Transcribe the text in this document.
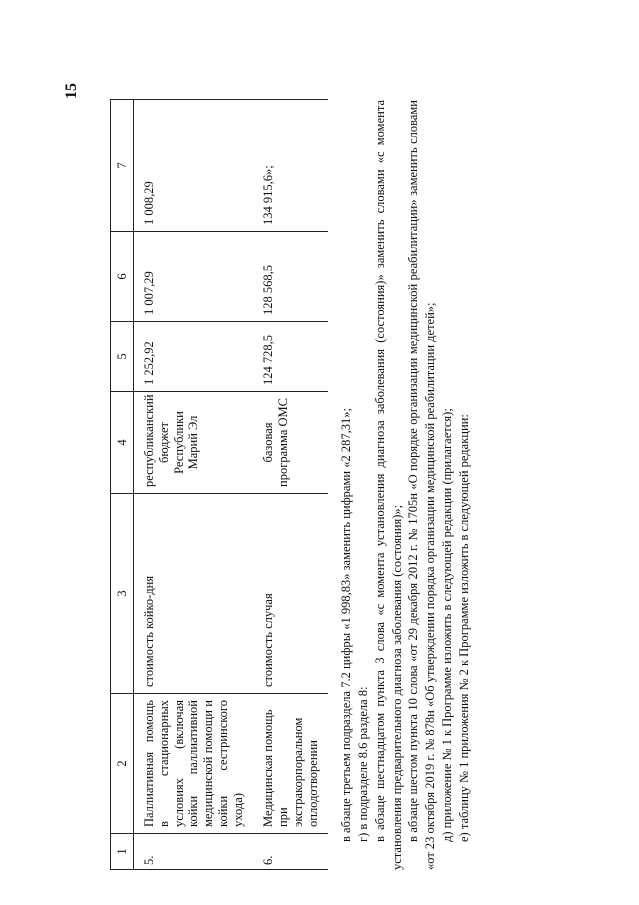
15
1	2	3	4	5	6	7
5.	Паллиативная помощь в стационарных условиях (включая койки паллиативной медицинской помощи и койки сестринского ухода)	стоимость койко-дня	республиканский бюджет Республики Марий Эл	1 252,92	1 007,29	1 008,29
6.	Медицинская помощь при экстракорпоральном оплодотворении	стоимость случая	базовая программа ОМС	124 728,5	128 568,5	134 915,6»;

в абзаце третьем подраздела 7.2 цифры «1 998,83» заменить цифрами «2 287,31»; г) в подразделе 8.6 раздела 8: в абзаце шестнадцатом пункта 3 слова «с момента установления диагноза заболевания (состояния)» заменить словами «с момента установления предварительного диагноза заболевания (состояния)»; в абзаце шестом пункта 10 слова «от 29 декабря 2012 г. № 1705н «О порядке организации медицинской реабилитации» заменить словами «от 23 октября 2019 г. № 878н «Об утверждении порядка организации медицинской реабилитации детей»; д) приложение № 1 к Программе изложить в следующей редакции (прилагается); е) таблицу № 1 приложения № 2 к Программе изложить в следующей редакции:
